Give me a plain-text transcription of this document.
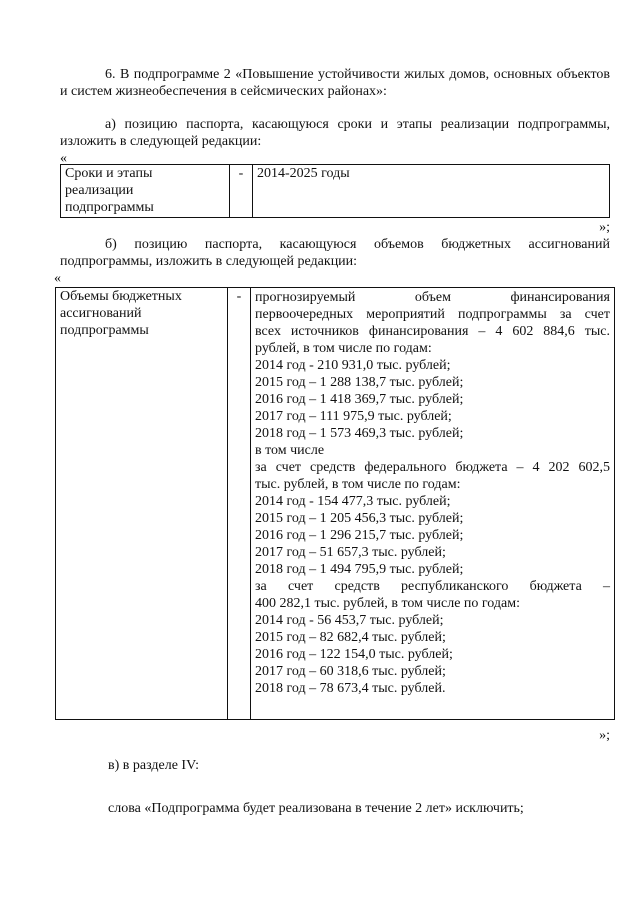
6. В подпрограмме 2 «Повышение устойчивости жилых домов, основных объектов и систем жизнеобеспечения в сейсмических районах»:
а) позицию паспорта, касающуюся сроки и этапы реализации подпрограммы, изложить в следующей редакции:
«
Сроки и этапы
реализации
подпрограммы
	-	2014-2025 годы
»;
б) позицию паспорта, касающуюся объемов бюджетных ассигнований подпрограммы, изложить в следующей редакции:
«
Объемы бюджетных
ассигнований
подпрограммы
	-	прогнозируемый объем финансирования
первоочередных мероприятий подпрограммы за счет
всех источников финансирования – 4 602 884,6 тыс.
рублей, в том числе по годам:
2014 год - 210 931,0 тыс. рублей;
2015 год – 1 288 138,7 тыс. рублей;
2016 год – 1 418 369,7 тыс. рублей;
2017 год – 111 975,9 тыс. рублей;
2018 год – 1 573 469,3 тыс. рублей;
в том числе
за счет средств федерального бюджета – 4 202 602,5
тыс. рублей, в том числе по годам:
2014 год - 154 477,3 тыс. рублей;
2015 год – 1 205 456,3 тыс. рублей;
2016 год – 1 296 215,7 тыс. рублей;
2017 год – 51 657,3 тыс. рублей;
2018 год – 1 494 795,9 тыс. рублей;
за счет средств республиканского бюджета –
400 282,1 тыс. рублей, в том числе по годам:
2014 год - 56 453,7 тыс. рублей;
2015 год – 82 682,4 тыс. рублей;
2016 год – 122 154,0 тыс. рублей;
2017 год – 60 318,6 тыс. рублей;
2018 год – 78 673,4 тыс. рублей.
»;
в) в разделе IV:
слова «Подпрограмма будет реализована в течение 2 лет» исключить;
